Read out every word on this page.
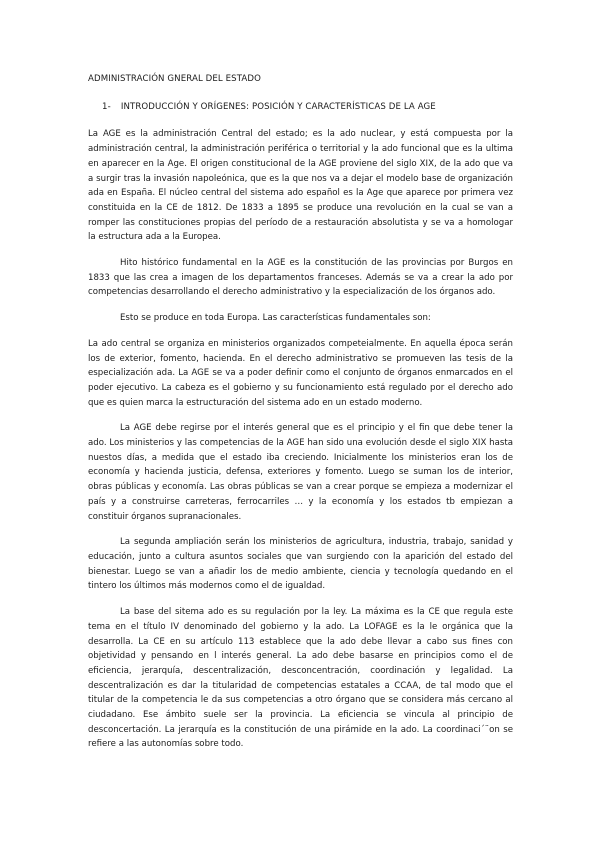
ADMINISTRACIÓN GNERAL DEL ESTADO

1- INTRODUCCIÓN Y ORÍGENES: POSICIÓN Y CARACTERÍSTICAS DE LA AGE

La AGE es la administración Central del estado; es la ado nuclear, y está compuesta por la administración central, la administración periférica o territorial y la ado funcional que es la ultima en aparecer en la Age. El origen constitucional de la AGE proviene del siglo XIX, de la ado que va a surgir tras la invasión napoleónica, que es la que nos va a dejar el modelo base de organización ada en España. El núcleo central del sistema ado español es la Age que aparece por primera vez constituida en la CE de 1812. De 1833 a 1895 se produce una revolución en la cual se van a romper las constituciones propias del período de a restauración absolutista y se va a homologar la estructura ada a la Europea.

Hito histórico fundamental en la AGE es la constitución de las provincias por Burgos en 1833 que las crea a imagen de los departamentos franceses. Además se va a crear la ado por competencias desarrollando el derecho administrativo y la especialización de los órganos ado.

Esto se produce en toda Europa. Las características fundamentales son:

La ado central se organiza en ministerios organizados competeialmente. En aquella época serán los de exterior, fomento, hacienda. En el derecho administrativo se promueven las tesis de la especialización ada. La AGE se va a poder definir como el conjunto de órganos enmarcados en el poder ejecutivo. La cabeza es el gobierno y su funcionamiento está regulado por el derecho ado que es quien marca la estructuración del sistema ado en un estado moderno.

La AGE debe regirse por el interés general que es el principio y el fin que debe tener la ado. Los ministerios y las competencias de la AGE han sido una evolución desde el siglo XIX hasta nuestos días, a medida que el estado iba creciendo. Inicialmente los ministerios eran los de economía y hacienda justicia, defensa, exteriores y fomento. Luego se suman los de interior, obras públicas y economía. Las obras públicas se van a crear porque se empieza a modernizar el país y a construirse carreteras, ferrocarriles … y la economía y los estados tb empiezan a constituir órganos supranacionales.

La segunda ampliación serán los ministerios de agricultura, industria, trabajo, sanidad y educación, junto a cultura asuntos sociales que van surgiendo con la aparición del estado del bienestar. Luego se van a añadir los de medio ambiente, ciencia y tecnología quedando en el tintero los últimos más modernos como el de igualdad.

La base del sitema ado es su regulación por la ley. La máxima es la CE que regula este tema en el título IV denominado del gobierno y la ado. La LOFAGE es la le orgánica que la desarrolla. La CE en su artículo 113 establece que la ado debe llevar a cabo sus fines con objetividad y pensando en l interés general. La ado debe basarse en principios como el de eficiencia, jerarquía, descentralización, desconcentración, coordinación y legalidad. La descentralización es dar la titularidad de competencias estatales a CCAA, de tal modo que el titular de la competencia le da sus competencias a otro órgano que se considera más cercano al ciudadano. Ese ámbito suele ser la provincia. La eficiencia se vincula al principio de desconcertación. La jerarquía es la constitución de una pirámide en la ado. La coordinaci´¨on se refiere a las autonomías sobre todo.
